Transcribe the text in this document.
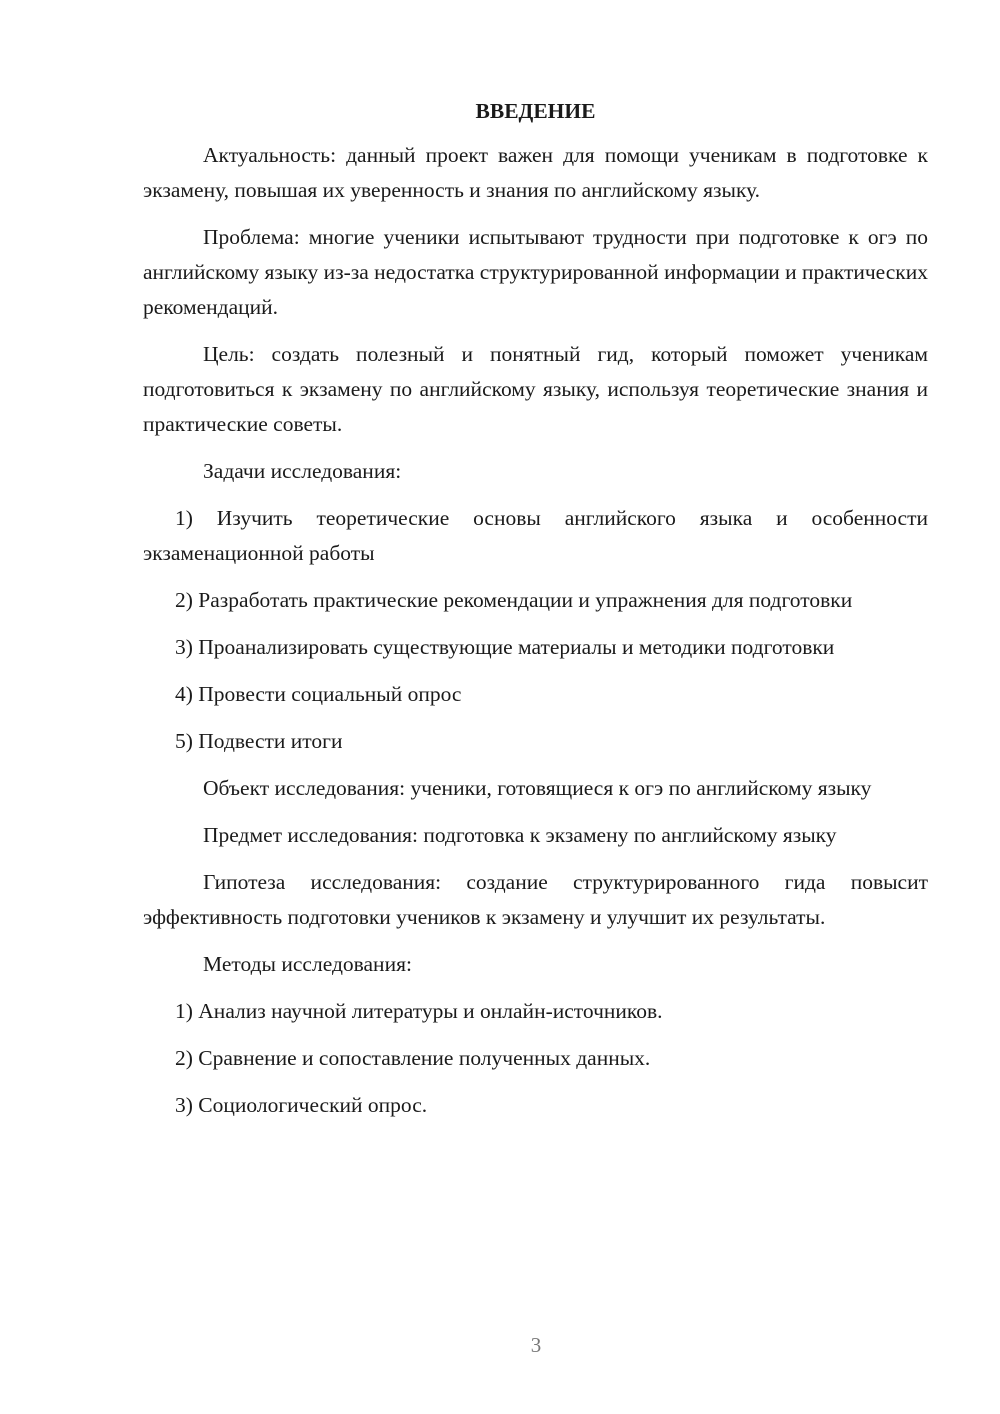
ВВЕДЕНИЕ

Актуальность: данный проект важен для помощи ученикам в подготовке к экзамену, повышая их уверенность и знания по английскому языку.

Проблема: многие ученики испытывают трудности при подготовке к огэ по английскому языку из-за недостатка структурированной информации и практических рекомендаций.

Цель: создать полезный и понятный гид, который поможет ученикам подготовиться к экзамену по английскому языку, используя теоретические знания и практические советы.

Задачи исследования:

1) Изучить теоретические основы английского языка и особенности экзаменационной работы

2) Разработать практические рекомендации и упражнения для подготовки

3) Проанализировать существующие материалы и методики подготовки

4) Провести социальный опрос

5) Подвести итоги

Объект исследования: ученики, готовящиеся к огэ по английскому языку

Предмет исследования: подготовка к экзамену по английскому языку

Гипотеза исследования: создание структурированного гида повысит эффективность подготовки учеников к экзамену и улучшит их результаты.

Методы исследования:

1) Анализ научной литературы и онлайн-источников.

2) Сравнение и сопоставление полученных данных.

3) Социологический опрос.

3
